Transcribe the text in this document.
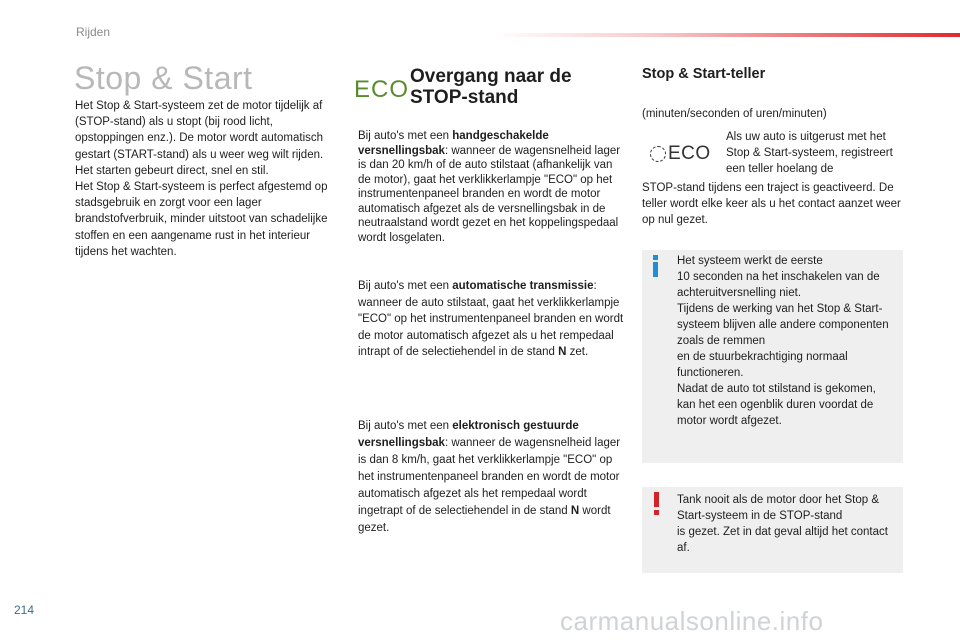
Rijden
Stop & Start
Het Stop & Start-systeem zet de motor tijdelijk af (STOP-stand) als u stopt (bij rood licht, opstoppingen enz.). De motor wordt automatisch gestart (START-stand) als u weer weg wilt rijden. Het starten gebeurt direct, snel en stil.
Het Stop & Start-systeem is perfect afgestemd op stadsgebruik en zorgt voor een lager brandstofverbruik, minder uitstoot van schadelijke stoffen en een aangename rust in het interieur tijdens het wachten.
ECO Overgang naar de
STOP-stand
Bij auto's met een handgeschakelde versnellingsbak: wanneer de wagensnelheid lager is dan 20 km/h of de auto stilstaat (afhankelijk van de motor), gaat het verklikkerlampje "ECO" op het instrumentenpaneel branden en wordt de motor automatisch afgezet als de versnellingsbak in de neutraalstand wordt gezet en het koppelingspedaal wordt losgelaten.
Bij auto's met een automatische transmissie: wanneer de auto stilstaat, gaat het verklikkerlampje "ECO" op het instrumentenpaneel branden en wordt de motor automatisch afgezet als u het rempedaal intrapt of de selectiehendel in de stand N zet.
Bij auto's met een elektronisch gestuurde versnellingsbak: wanneer de wagensnelheid lager is dan 8 km/h, gaat het verklikkerlampje "ECO" op het instrumentenpaneel branden en wordt de motor automatisch afgezet als het rempedaal wordt ingetrapt of de selectiehendel in de stand N wordt gezet.
Stop & Start-teller
(minuten/seconden of uren/minuten)
ECO
Als uw auto is uitgerust met het Stop & Start-systeem, registreert een teller hoelang de
STOP-stand tijdens een traject is geactiveerd. De teller wordt elke keer als u het contact aanzet weer op nul gezet.
Het systeem werkt de eerste
10 seconden na het inschakelen van de achteruitversnelling niet.
Tijdens de werking van het Stop & Start-systeem blijven alle andere componenten zoals de remmen
en de stuurbekrachtiging normaal functioneren.
Nadat de auto tot stilstand is gekomen, kan het een ogenblik duren voordat de motor wordt afgezet.
Tank nooit als de motor door het Stop & Start-systeem in de STOP-stand
is gezet. Zet in dat geval altijd het contact af.
214	carmanualsonline.info
